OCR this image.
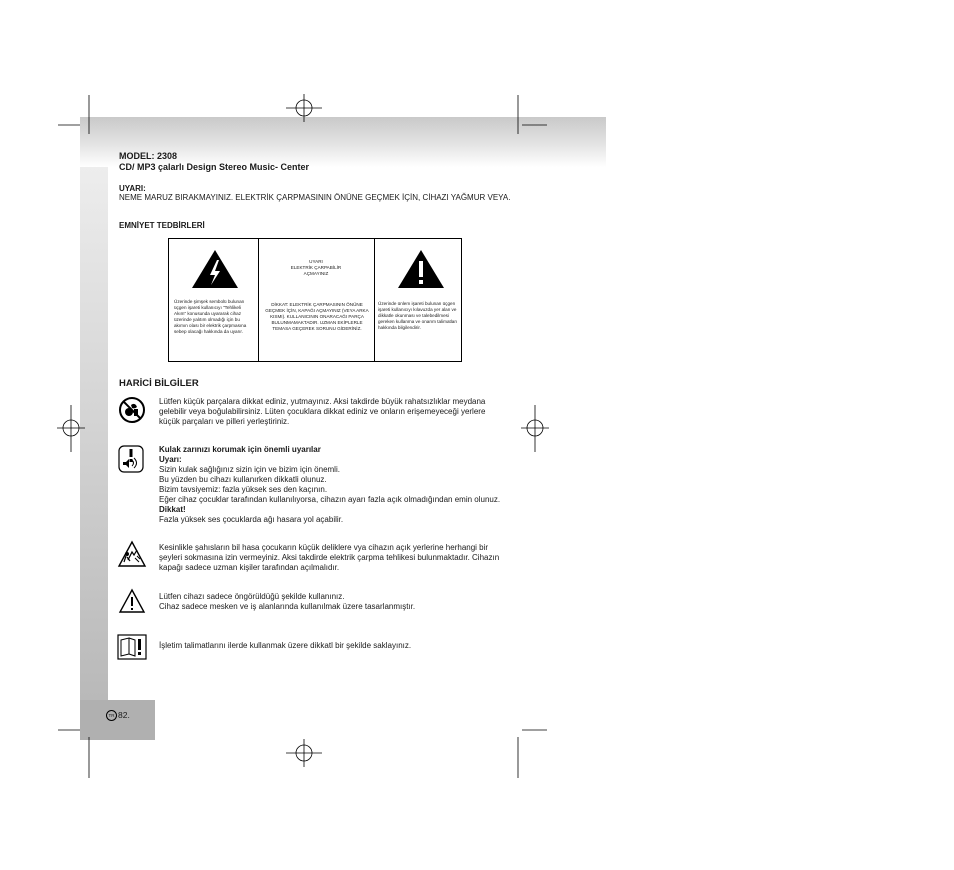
MODEL: 2308
CD/ MP3 çalarlı Design Stereo Music- Center
UYARI:
NEME MARUZ BIRAKMAYINIZ. ELEKTRİK ÇARPMASININ ÖNÜNE GEÇMEK İÇİN, CİHAZI YAĞMUR VEYA.
EMNİYET TEDBİRLERİ
Üzerinde şimşek sembolü bulunan üçgen işareti kullanıcıyı "Tehlikeli Akım" konusunda uyararak cihaz üzerinde yalıtım olmadığı için bu akımın olası bir elektrik çarpmasına sebep olacağı hakkında da uyarır.
UYARI
ELEKTRİK ÇARPABİLİR
AÇMAYINIZ
DİKKAT: ELEKTRİK ÇARPMASININ ÖNÜNE GEÇMEK İÇİN, KAPAĞI AÇMAYINIZ (VEYA ARKA KISMI). KULLANICININ ONARACAĞI PARÇA BULUNMAMAKTADIR. UZMAN EKİPLERLE TEMASA GEÇEREK SORUNU GİDERİNİZ.
Üzerinde ünlem işareti bulunan üçgen işareti kullanıcıyı kılavuzda yer alan ve dikkatle okunması ve talebedilmesi gereken kullanma ve onarım talimatları hakkında bilgilendirir.
HARİCİ BİLGİLER
Lütfen küçük parçalara dikkat ediniz, yutmayınız. Aksi takdirde büyük rahatsızlıklar meydana
gelebilir veya boğulabilirsiniz. Lüten çocuklara dikkat ediniz ve onların erişemeyeceği yerlere
küçük parçaları ve pilleri yerleştiriniz.
Kulak zarınızı korumak için önemli uyarılar
Uyarı:
Sizin kulak sağlığınız sizin için ve bizim için önemli.
Bu yüzden bu cihazı kullanırken dikkatli olunuz.
Bizim tavsiyemiz: fazla yüksek ses den kaçının.
Eğer cihaz çocuklar tarafından kullanılıyorsa, cihazın ayarı fazla açık olmadığından emin olunuz.
Dikkat!
Fazla yüksek ses çocuklarda ağı hasara yol açabilir.
Kesinlikle şahısların bil hasa çocukarın küçük deliklere vya cihazın açık yerlerine herhangi bir
şeyleri sokmasına izin vermeyiniz. Aksi takdirde elektrik çarpma tehlikesi bulunmaktadır. Cihazın
kapağı sadece uzman kişiler tarafından açılmalıdır.
Lütfen cihazı sadece öngörüldüğü şekilde kullanınız.
Cihaz sadece mesken ve iş alanlarında kullanılmak üzere tasarlanmıştır.
İşletim talimatlarını ilerde kullanmak üzere dikkatl bir şekilde saklayınız.
TR 82.
